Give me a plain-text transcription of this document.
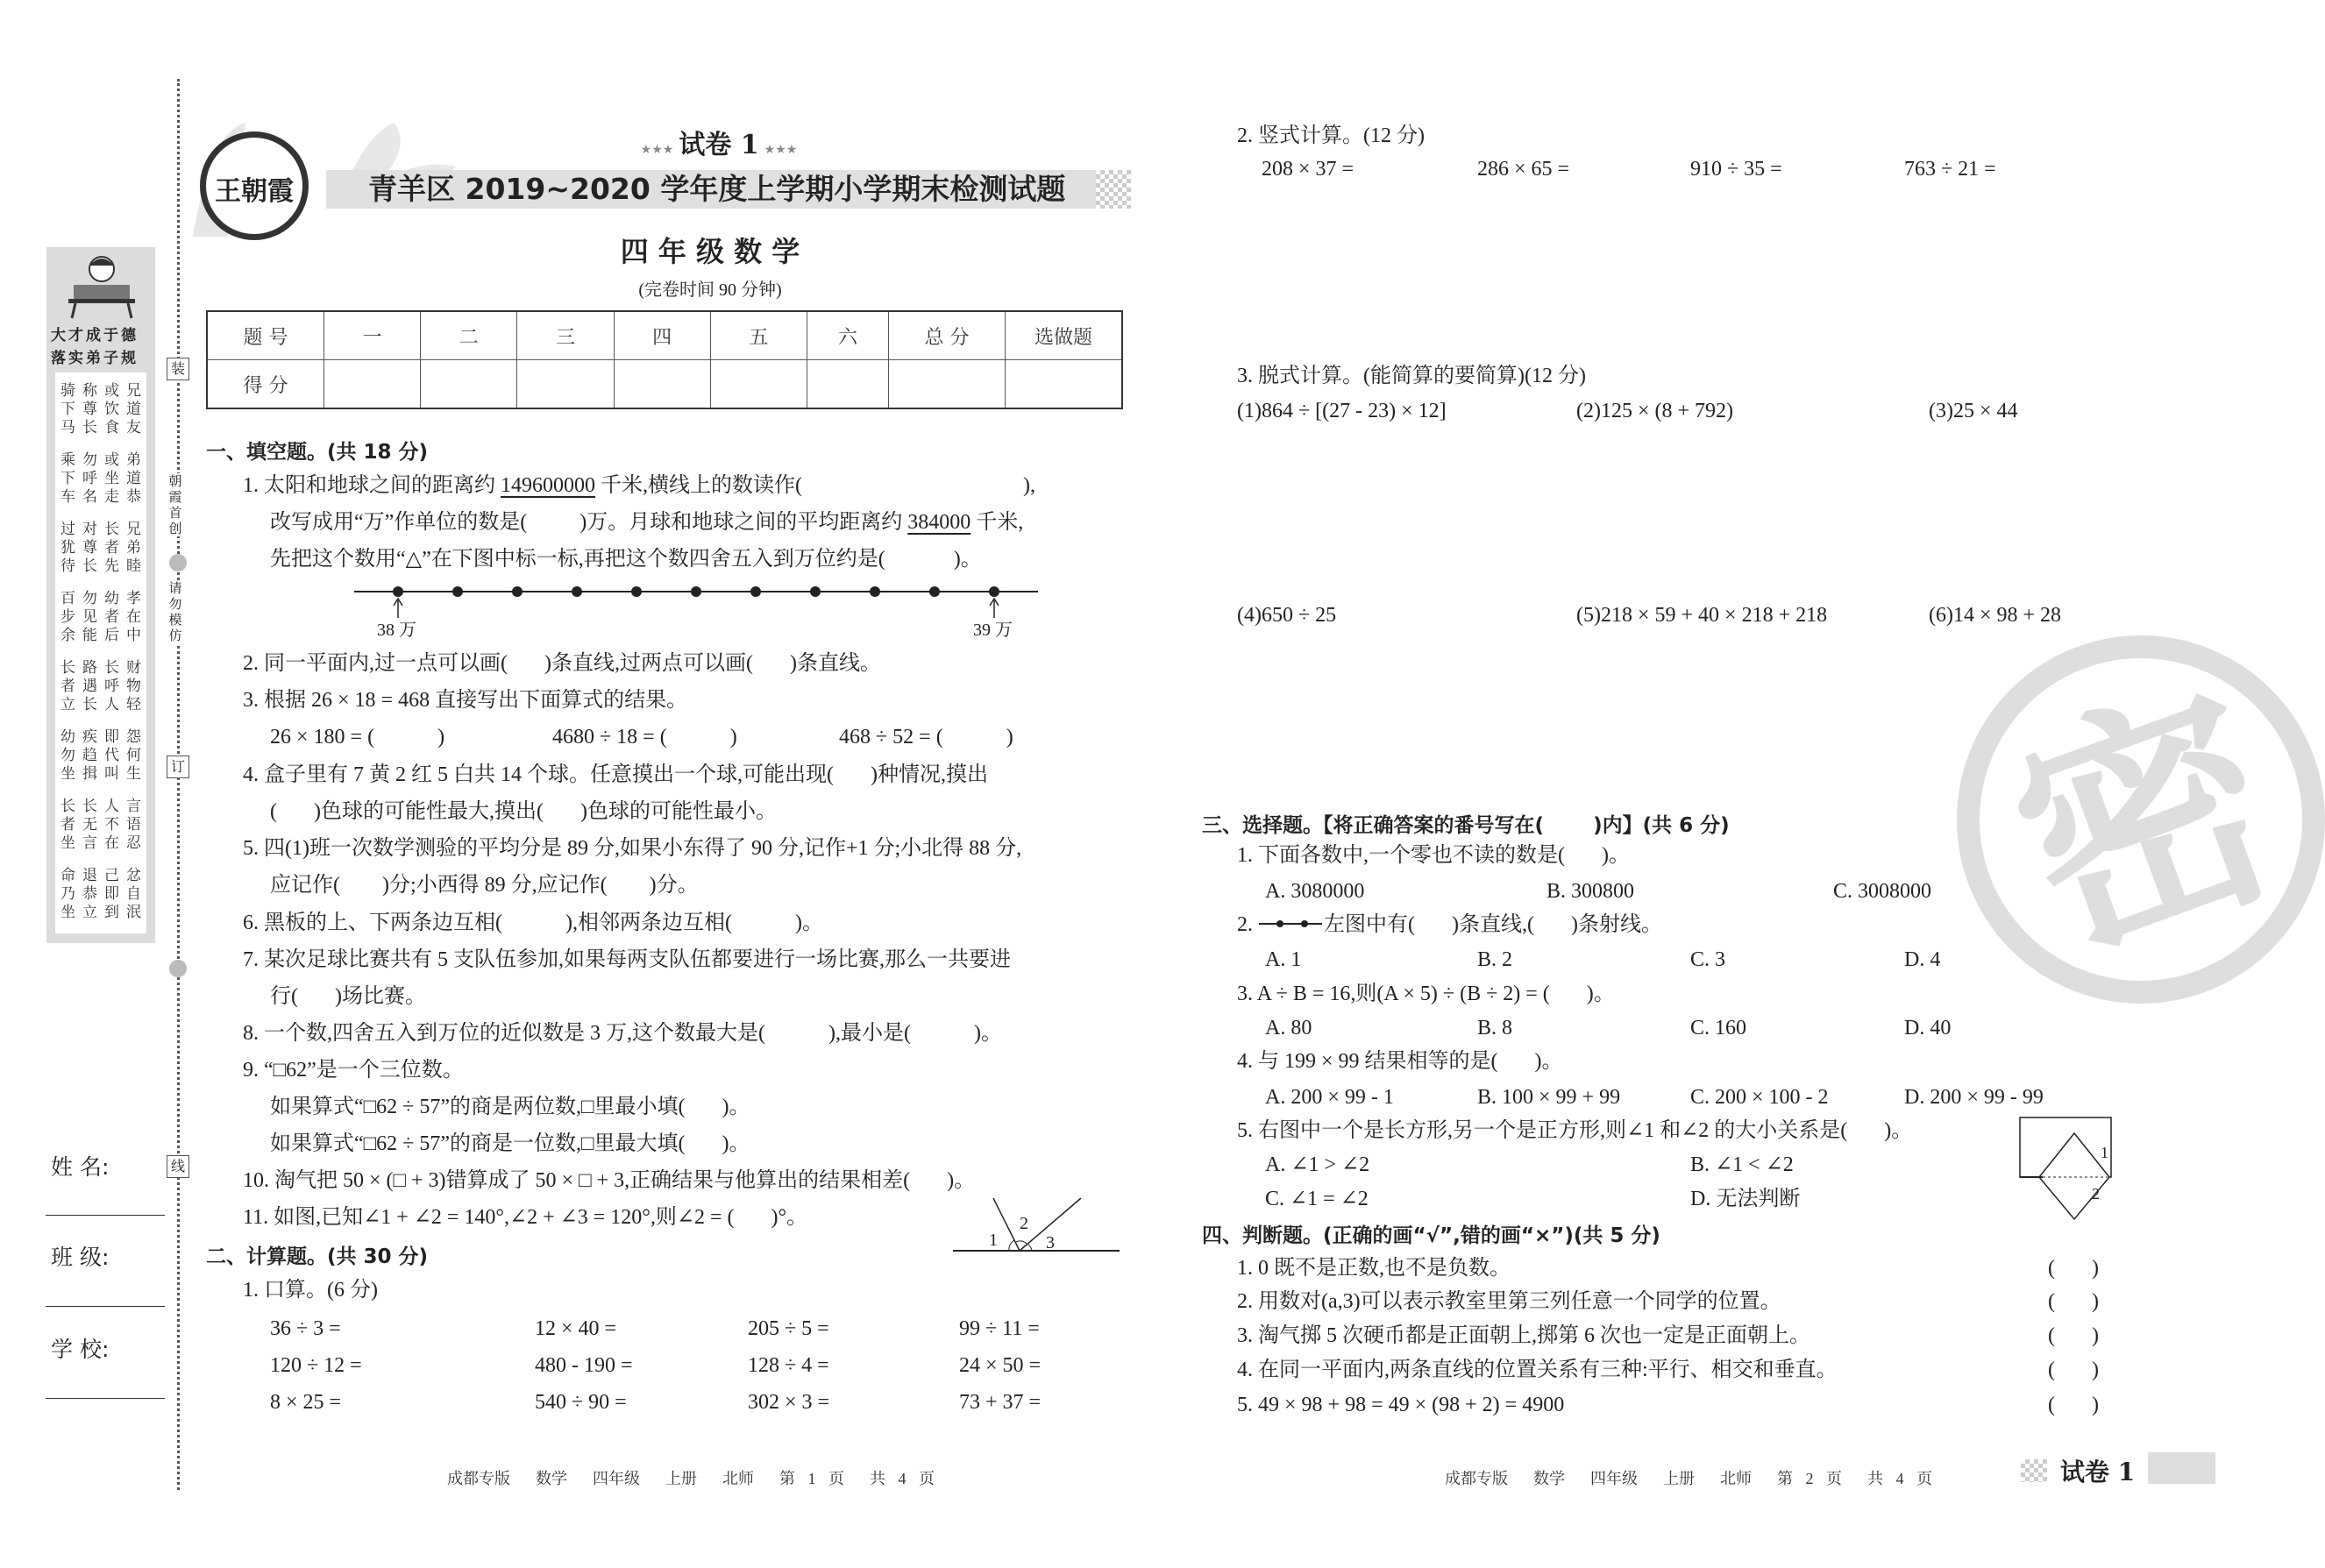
大才成于德
落实弟子规
骑下马
称尊长
或饮食
兄道友
乘下车
勿呼名
或坐走
弟道恭
过犹待
对尊长
长者先
兄弟睦
百步余
勿见能
幼者后
孝在中
长者立
路遇长
长呼人
财物轻
幼勿坐
疾趋揖
即代叫
怨何生
长者坐
长无言
人不在
言语忍
命乃坐
退恭立
己即到
忿自泯
装
朝霞首创
请勿模仿
订
线
姓 名:
班 级:
学 校:
王朝霞
★★★ 试卷 1 ★★★
青羊区 2019~2020 学年度上学期小学期末检测试题
四 年 级 数 学
(完卷时间 90 分钟)
题 号	一	二	三	四	五	六	总 分	选做题
得 分								
一、填空题。(共 18 分)
1. 太阳和地球之间的距离约 149600000 千米,横线上的数读作(                                          ),
改写成用“万”作单位的数是(          )万。月球和地球之间的平均距离约 384000 千米,
先把这个数用“△”在下图中标一标,再把这个数四舍五入到万位约是(             )。
38 万	39 万
2. 同一平面内,过一点可以画(       )条直线,过两点可以画(       )条直线。
3. 根据 26 × 18 = 468 直接写出下面算式的结果。
26 × 180 = (            )	4680 ÷ 18 = (            )	468 ÷ 52 = (            )
4. 盒子里有 7 黄 2 红 5 白共 14 个球。任意摸出一个球,可能出现(       )种情况,摸出
(       )色球的可能性最大,摸出(       )色球的可能性最小。
5. 四(1)班一次数学测验的平均分是 89 分,如果小东得了 90 分,记作+1 分;小北得 88 分,
应记作(        )分;小西得 89 分,应记作(        )分。
6. 黑板的上、下两条边互相(            ),相邻两条边互相(            )。
7. 某次足球比赛共有 5 支队伍参加,如果每两支队伍都要进行一场比赛,那么一共要进
行(       )场比赛。
8. 一个数,四舍五入到万位的近似数是 3 万,这个数最大是(            ),最小是(            )。
9. “□62”是一个三位数。
如果算式“□62 ÷ 57”的商是两位数,□里最小填(       )。
如果算式“□62 ÷ 57”的商是一位数,□里最大填(       )。
10. 淘气把 50 × (□ + 3)错算成了 50 × □ + 3,正确结果与他算出的结果相差(       )。
11. 如图,已知∠1 + ∠2 = 140°,∠2 + ∠3 = 120°,则∠2 = (       )°。
1
2
3
二、计算题。(共 30 分)
1. 口算。(6 分)
36 ÷ 3 =	12 × 40 =	205 ÷ 5 =	99 ÷ 11 =
120 ÷ 12 =	480 - 190 =	128 ÷ 4 =	24 × 50 =
8 × 25 =	540 ÷ 90 =	302 × 3 =	73 + 37 =
成都专版  数学  四年级  上册  北师  第 1 页  共 4 页
2. 竖式计算。(12 分)
208 × 37 =	286 × 65 =	910 ÷ 35 =	763 ÷ 21 =
3. 脱式计算。(能简算的要简算)(12 分)
(1)864 ÷ [(27 - 23) × 12]	(2)125 × (8 + 792)	(3)25 × 44
(4)650 ÷ 25	(5)218 × 59 + 40 × 218 + 218	(6)14 × 98 + 28
密
三、选择题。【将正确答案的番号写在(       )内】(共 6 分)
1. 下面各数中,一个零也不读的数是(       )。
A. 3080000	B. 300800	C. 3008000
2.	左图中有(       )条直线,(       )条射线。
A. 1	B. 2	C. 3	D. 4
3. A ÷ B = 16,则(A × 5) ÷ (B ÷ 2) = (       )。
A. 80	B. 8	C. 160	D. 40
4. 与 199 × 99 结果相等的是(       )。
A. 200 × 99 - 1	B. 100 × 99 + 99	C. 200 × 100 - 2	D. 200 × 99 - 99
5. 右图中一个是长方形,另一个是正方形,则∠1 和∠2 的大小关系是(       )。
A. ∠1 > ∠2	B. ∠1 < ∠2
C. ∠1 = ∠2	D. 无法判断
1
2
四、判断题。(正确的画“√”,错的画“×”)(共 5 分)
1. 0 既不是正数,也不是负数。	(       )
2. 用数对(a,3)可以表示教室里第三列任意一个同学的位置。	(       )
3. 淘气掷 5 次硬币都是正面朝上,掷第 6 次也一定是正面朝上。	(       )
4. 在同一平面内,两条直线的位置关系有三种:平行、相交和垂直。	(       )
5. 49 × 98 + 98 = 49 × (98 + 2) = 4900	(       )
成都专版  数学  四年级  上册  北师  第 2 页  共 4 页	试卷 1
